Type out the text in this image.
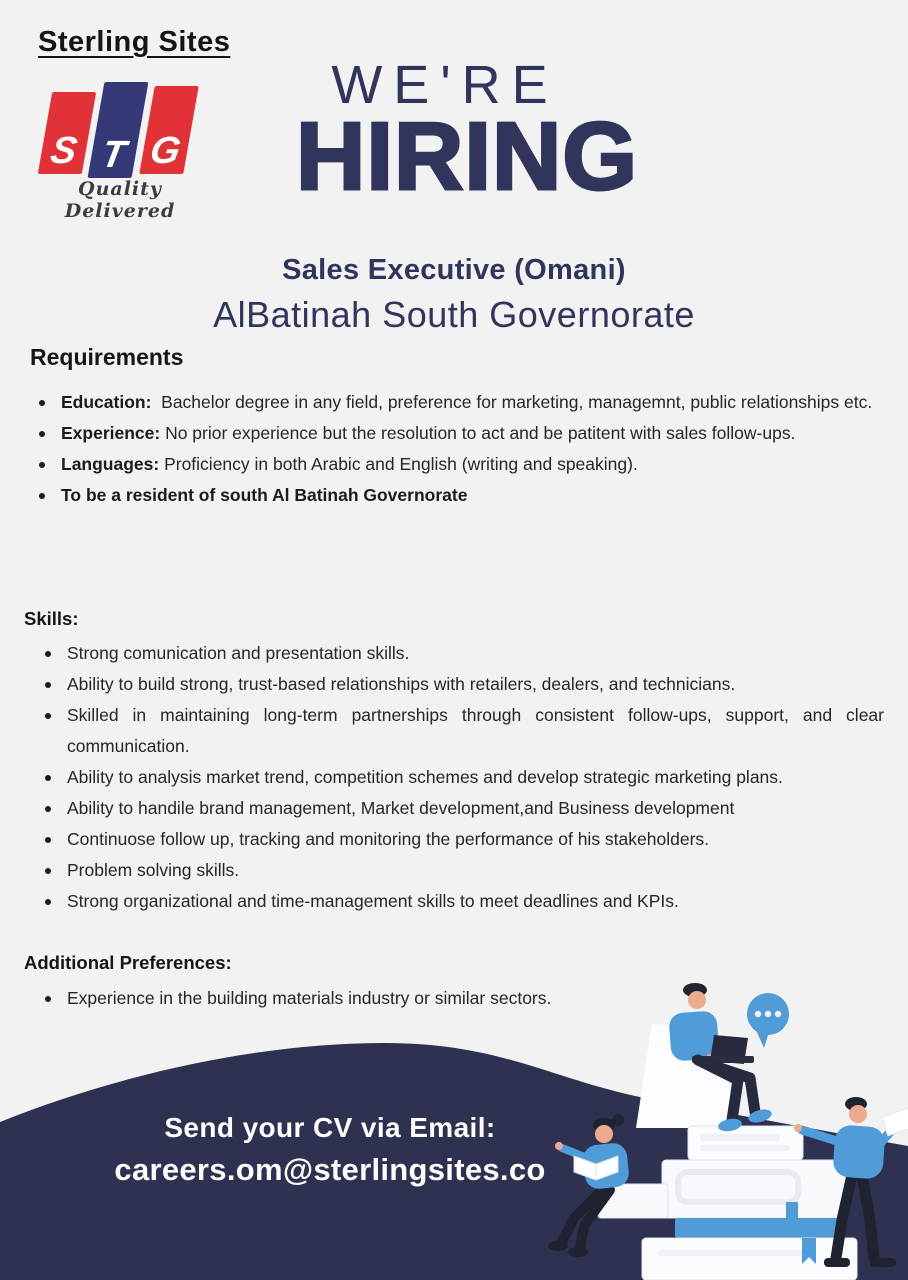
Sterling Sites
S T G
Quality Delivered
WE'RE
HIRING
Sales Executive (Omani)
AlBatinah South Governorate
Requirements
Education:  Bachelor degree in any field, preference for marketing, managemnt, public relationships etc.
Experience: No prior experience but the resolution to act and be patitent with sales follow-ups.
Languages: Proficiency in both Arabic and English (writing and speaking).
To be a resident of south Al Batinah Governorate
Skills:
Strong comunication and presentation skills.
Ability to build strong, trust-based relationships with retailers, dealers, and technicians.
Skilled in maintaining long-term partnerships through consistent follow-ups, support, and clear communication.
Ability to analysis market trend, competition schemes and develop strategic marketing plans.
Ability to handile brand management, Market development,and Business development
Continuose follow up, tracking and monitoring the performance of his stakeholders.
Problem solving skills.
Strong organizational and time-management skills to meet deadlines and KPIs.
Additional Preferences:
Experience in the building materials industry or similar sectors.
Send your CV via Email:
careers.om@sterlingsites.co
